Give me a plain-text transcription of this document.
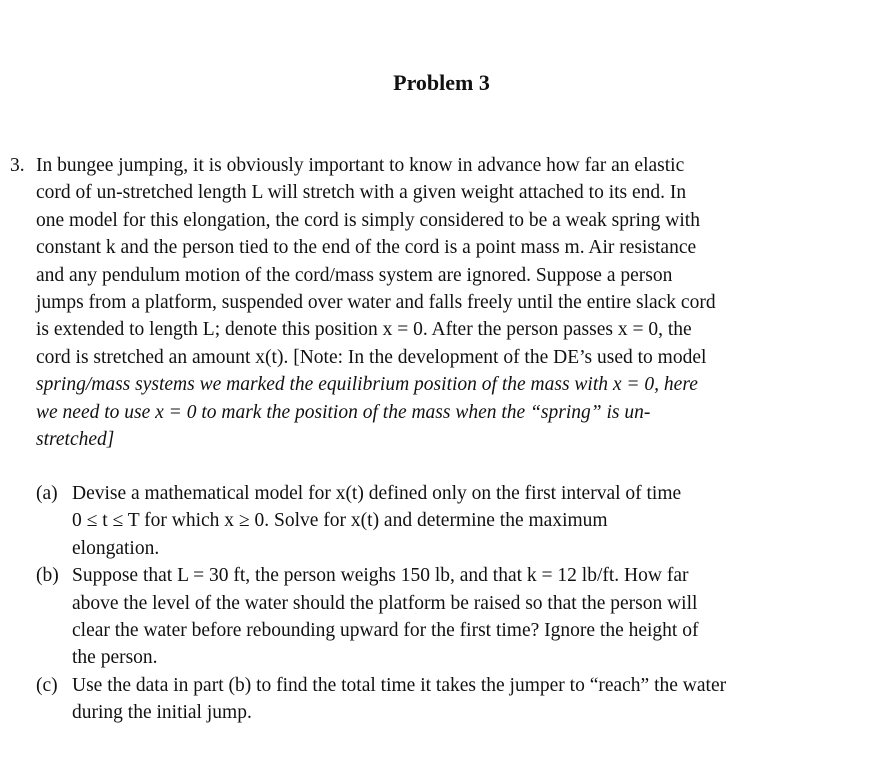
Problem 3
3. In bungee jumping, it is obviously important to know in advance how far an elastic
cord of un-stretched length L will stretch with a given weight attached to its end. In
one model for this elongation, the cord is simply considered to be a weak spring with
constant k and the person tied to the end of the cord is a point mass m. Air resistance
and any pendulum motion of the cord/mass system are ignored. Suppose a person
jumps from a platform, suspended over water and falls freely until the entire slack cord
is extended to length L; denote this position x = 0. After the person passes x = 0, the
cord is stretched an amount x(t). [Note: In the development of the DE’s used to model
spring/mass systems we marked the equilibrium position of the mass with x = 0, here
we need to use x = 0 to mark the position of the mass when the “spring” is un-
stretched]
(a) Devise a mathematical model for x(t) defined only on the first interval of time
0 ≤ t ≤ T for which x ≥ 0. Solve for x(t) and determine the maximum
elongation.
(b) Suppose that L = 30 ft, the person weighs 150 lb, and that k = 12 lb/ft. How far
above the level of the water should the platform be raised so that the person will
clear the water before rebounding upward for the first time? Ignore the height of
the person.
(c) Use the data in part (b) to find the total time it takes the jumper to “reach” the water
during the initial jump.
